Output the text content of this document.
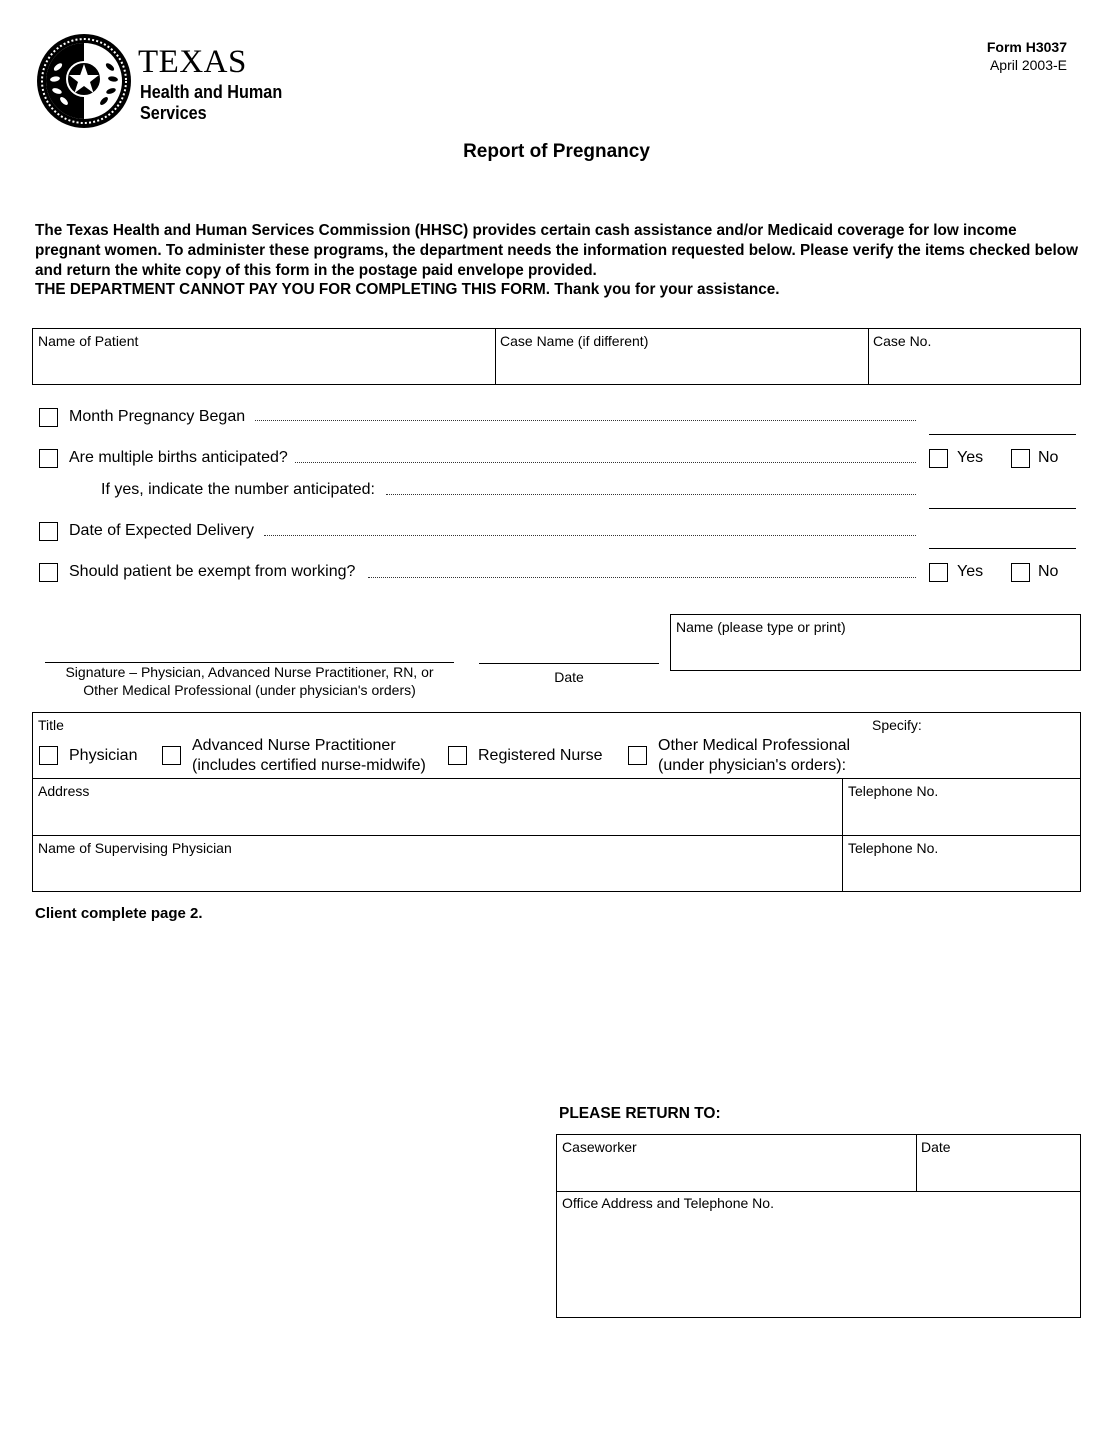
TEXAS
Health and Human
Services
Form H3037
April 2003-E
Report of Pregnancy
The Texas Health and Human Services Commission (HHSC) provides certain cash assistance and/or Medicaid coverage for low income pregnant women. To administer these programs, the department needs the information requested below. Please verify the items checked below and return the white copy of this form in the postage paid envelope provided.
THE DEPARTMENT CANNOT PAY YOU FOR COMPLETING THIS FORM. Thank you for your assistance.
Name of Patient	Case Name (if different)	Case No.
Month Pregnancy Began
Are multiple births anticipated?	Yes	No
If yes, indicate the number anticipated:
Date of Expected Delivery
Should patient be exempt from working?	Yes	No
Signature – Physician, Advanced Nurse Practitioner, RN, or
Other Medical Professional (under physician's orders)
Date
Name (please type or print)
Title	Specify:
Address	Telephone No.
Name of Supervising Physician	Telephone No.
Physician
Advanced Nurse Practitioner
(includes certified nurse-midwife)
Registered Nurse
Other Medical Professional
(under physician's orders):
Client complete page 2.
PLEASE RETURN TO:
Caseworker	Date
Office Address and Telephone No.
